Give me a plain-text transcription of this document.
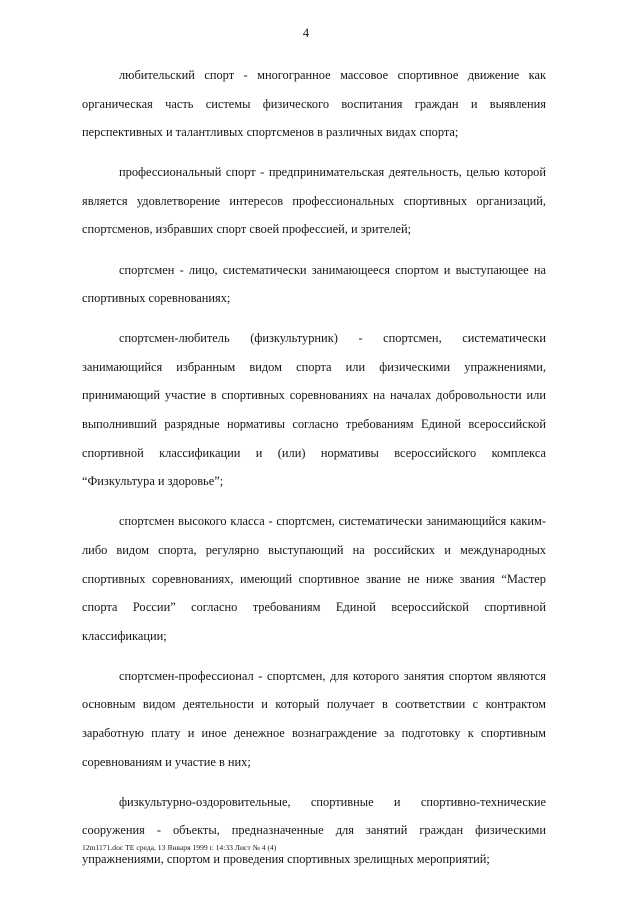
4

любительский спорт - многогранное массовое спортивное движение как органическая часть системы физического воспитания граждан и выявления перспективных и талантливых спортсменов в различных видах спорта;

профессиональный спорт - предпринимательская деятельность, целью которой является удовлетворение интересов профессиональных спортивных организаций, спортсменов, избравших спорт своей профессией, и зрителей;

спортсмен - лицо, систематически занимающееся спортом и выступающее на спортивных соревнованиях;

спортсмен-любитель (физкультурник) - спортсмен, систематически занимающийся избранным видом спорта или физическими упражнениями, принимающий участие в спортивных соревнованиях на началах добровольности или выполнивший разрядные нормативы согласно требованиям Единой всероссийской спортивной классификации и (или) нормативы всероссийского комплекса “Физкультура и здоровье”;

спортсмен высокого класса - спортсмен, систематически занимающийся каким-либо видом спорта, регулярно выступающий на российских и международных спортивных соревнованиях, имеющий спортивное звание не ниже звания “Мастер спорта России” согласно требованиям Единой всероссийской спортивной классификации;

спортсмен-профессионал - спортсмен, для которого занятия спортом являются основным видом деятельности и который получает в соответствии с контрактом заработную плату и иное денежное вознаграждение за подготовку к спортивным соревнованиям и участие в них;

физкультурно-оздоровительные, спортивные и спортивно-технические сооружения - объекты, предназначенные для занятий граждан физическими упражнениями, спортом и проведения спортивных зрелищных мероприятий;

12m1171.doc ТЕ среда, 13 Января 1999 г. 14:33 Лист № 4 (4)
